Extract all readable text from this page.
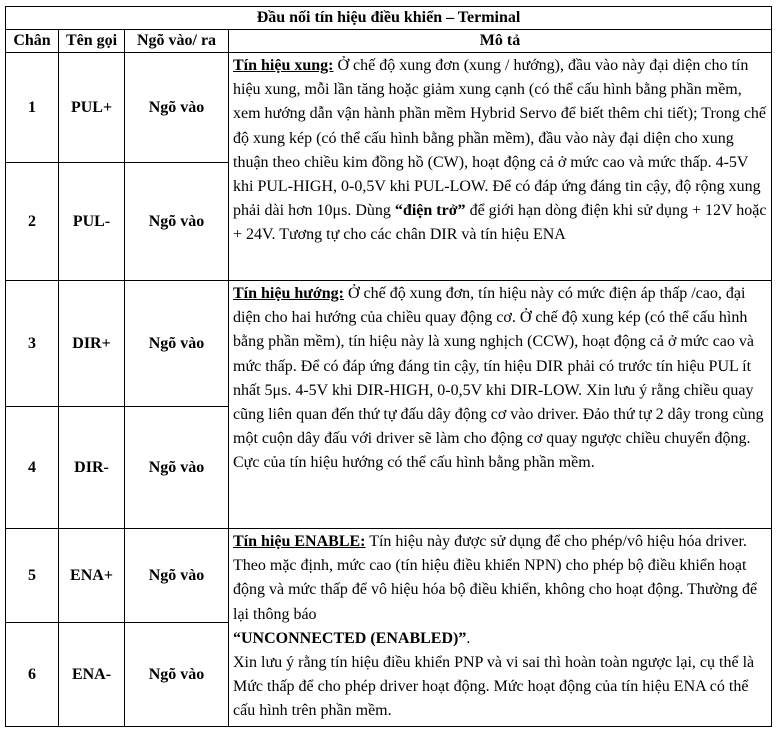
Đầu nối tín hiệu điều khiển – Terminal			
Chân	Tên gọi	Ngõ vào/ ra	Mô tả
1	PUL+	Ngõ vào	Tín hiệu xung: Ở chế độ xung đơn (xung / hướng), đầu vào này đại diện cho tín hiệu xung, mỗi lần tăng hoặc giảm xung cạnh (có thể cấu hình bằng phần mềm, xem hướng dẫn vận hành phần mềm Hybrid Servo để biết thêm chi tiết); Trong chế độ xung kép (có thể cấu hình bằng phần mềm), đầu vào này đại diện cho xung thuận theo chiều kim đồng hồ (CW), hoạt động cả ở mức cao và mức thấp. 4-5V khi PUL-HIGH, 0-0,5V khi PUL-LOW. Để có đáp ứng đáng tin cậy, độ rộng xung phải dài hơn 10μs. Dùng “điện trở” để giới hạn dòng điện khi sử dụng + 12V hoặc + 24V. Tương tự cho các chân DIR và tín hiệu ENA
2	PUL-	Ngõ vào	
3	DIR+	Ngõ vào	Tín hiệu hướng: Ở chế độ xung đơn, tín hiệu này có mức điện áp thấp /cao, đại diện cho hai hướng của chiều quay động cơ. Ở chế độ xung kép (có thể cấu hình bằng phần mềm), tín hiệu này là xung nghịch (CCW), hoạt động cả ở mức cao và mức thấp. Để có đáp ứng đáng tin cậy, tín hiệu DIR phải có trước tín hiệu PUL ít nhất 5μs. 4-5V khi DIR-HIGH, 0-0,5V khi DIR-LOW. Xin lưu ý rằng chiều quay cũng liên quan đến thứ tự đấu dây động cơ vào driver. Đảo thứ tự 2 dây trong cùng một cuộn dây đấu với driver sẽ làm cho động cơ quay ngược chiều chuyển động. Cực của tín hiệu hướng có thể cấu hình bằng phần mềm.
4	DIR-	Ngõ vào	
5	ENA+	Ngõ vào	Tín hiệu ENABLE: Tín hiệu này được sử dụng để cho phép/vô hiệu hóa driver. Theo mặc định, mức cao (tín hiệu điều khiển NPN) cho phép bộ điều khiển hoạt động và mức thấp để vô hiệu hóa bộ điều khiển, không cho hoạt động. Thường để lại thông báo
“UNCONNECTED (ENABLED)”.
Xin lưu ý rằng tín hiệu điều khiển PNP và vi sai thì hoàn toàn ngược lại, cụ thể là Mức thấp để cho phép driver hoạt động. Mức hoạt động của tín hiệu ENA có thể cấu hình trên phần mềm.
6	ENA-	Ngõ vào	
